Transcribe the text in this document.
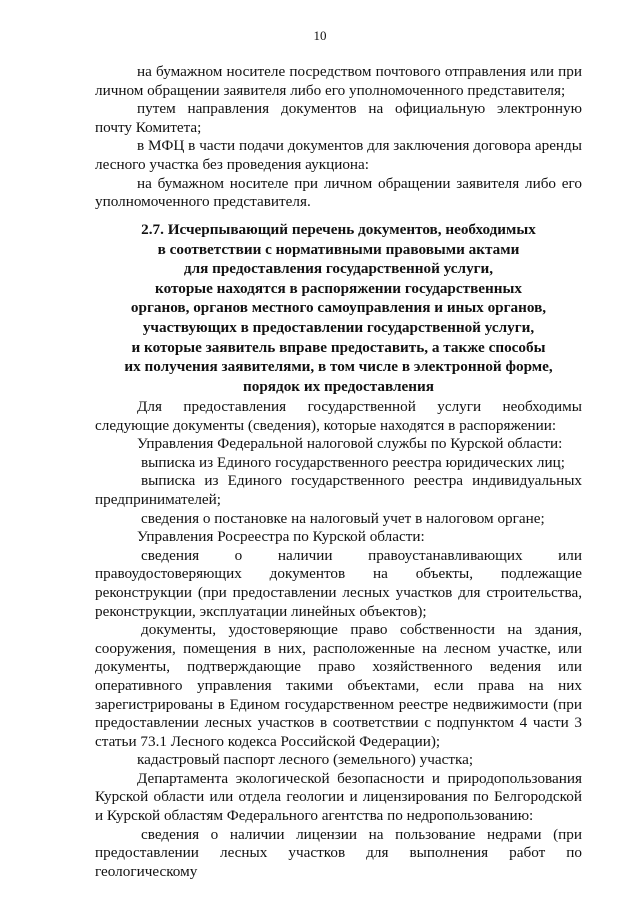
10

на бумажном носителе посредством почтового отправления или при личном обращении заявителя либо его уполномоченного представителя;

путем направления документов на официальную электронную почту Комитета;

в МФЦ в части подачи документов для заключения договора аренды лесного участка без проведения аукциона:

на бумажном носителе при личном обращении заявителя либо его уполномоченного представителя.

2.7. Исчерпывающий перечень документов, необходимых
в соответствии с нормативными правовыми актами
для предоставления государственной услуги,
которые находятся в распоряжении государственных
органов, органов местного самоуправления и иных органов,
участвующих в предоставлении государственной услуги,
и которые заявитель вправе предоставить, а также способы
их получения заявителями, в том числе в электронной форме,
порядок их предоставления

Для предоставления государственной услуги необходимы следующие документы (сведения), которые находятся в распоряжении:

Управления Федеральной налоговой службы по Курской области:

выписка из Единого государственного реестра юридических лиц;

выписка из Единого государственного реестра индивидуальных предпринимателей;

сведения о постановке на налоговый учет в налоговом органе;

Управления Росреестра по Курской области:

сведения о наличии правоустанавливающих или правоудостоверяющих документов на объекты, подлежащие реконструкции (при предоставлении лесных участков для строительства, реконструкции, эксплуатации линейных объектов);

документы, удостоверяющие право собственности на здания, сооружения, помещения в них, расположенные на лесном участке, или документы, подтверждающие право хозяйственного ведения или оперативного управления такими объектами, если права на них зарегистрированы в Едином государственном реестре недвижимости (при предоставлении лесных участков в соответствии с подпунктом 4 части 3 статьи 73.1 Лесного кодекса Российской Федерации);

кадастровый паспорт лесного (земельного) участка;

Департамента экологической безопасности и природопользования Курской области или отдела геологии и лицензирования по Белгородской и Курской областям Федерального агентства по недропользованию:

сведения о наличии лицензии на пользование недрами (при предоставлении лесных участков для выполнения работ по геологическому
